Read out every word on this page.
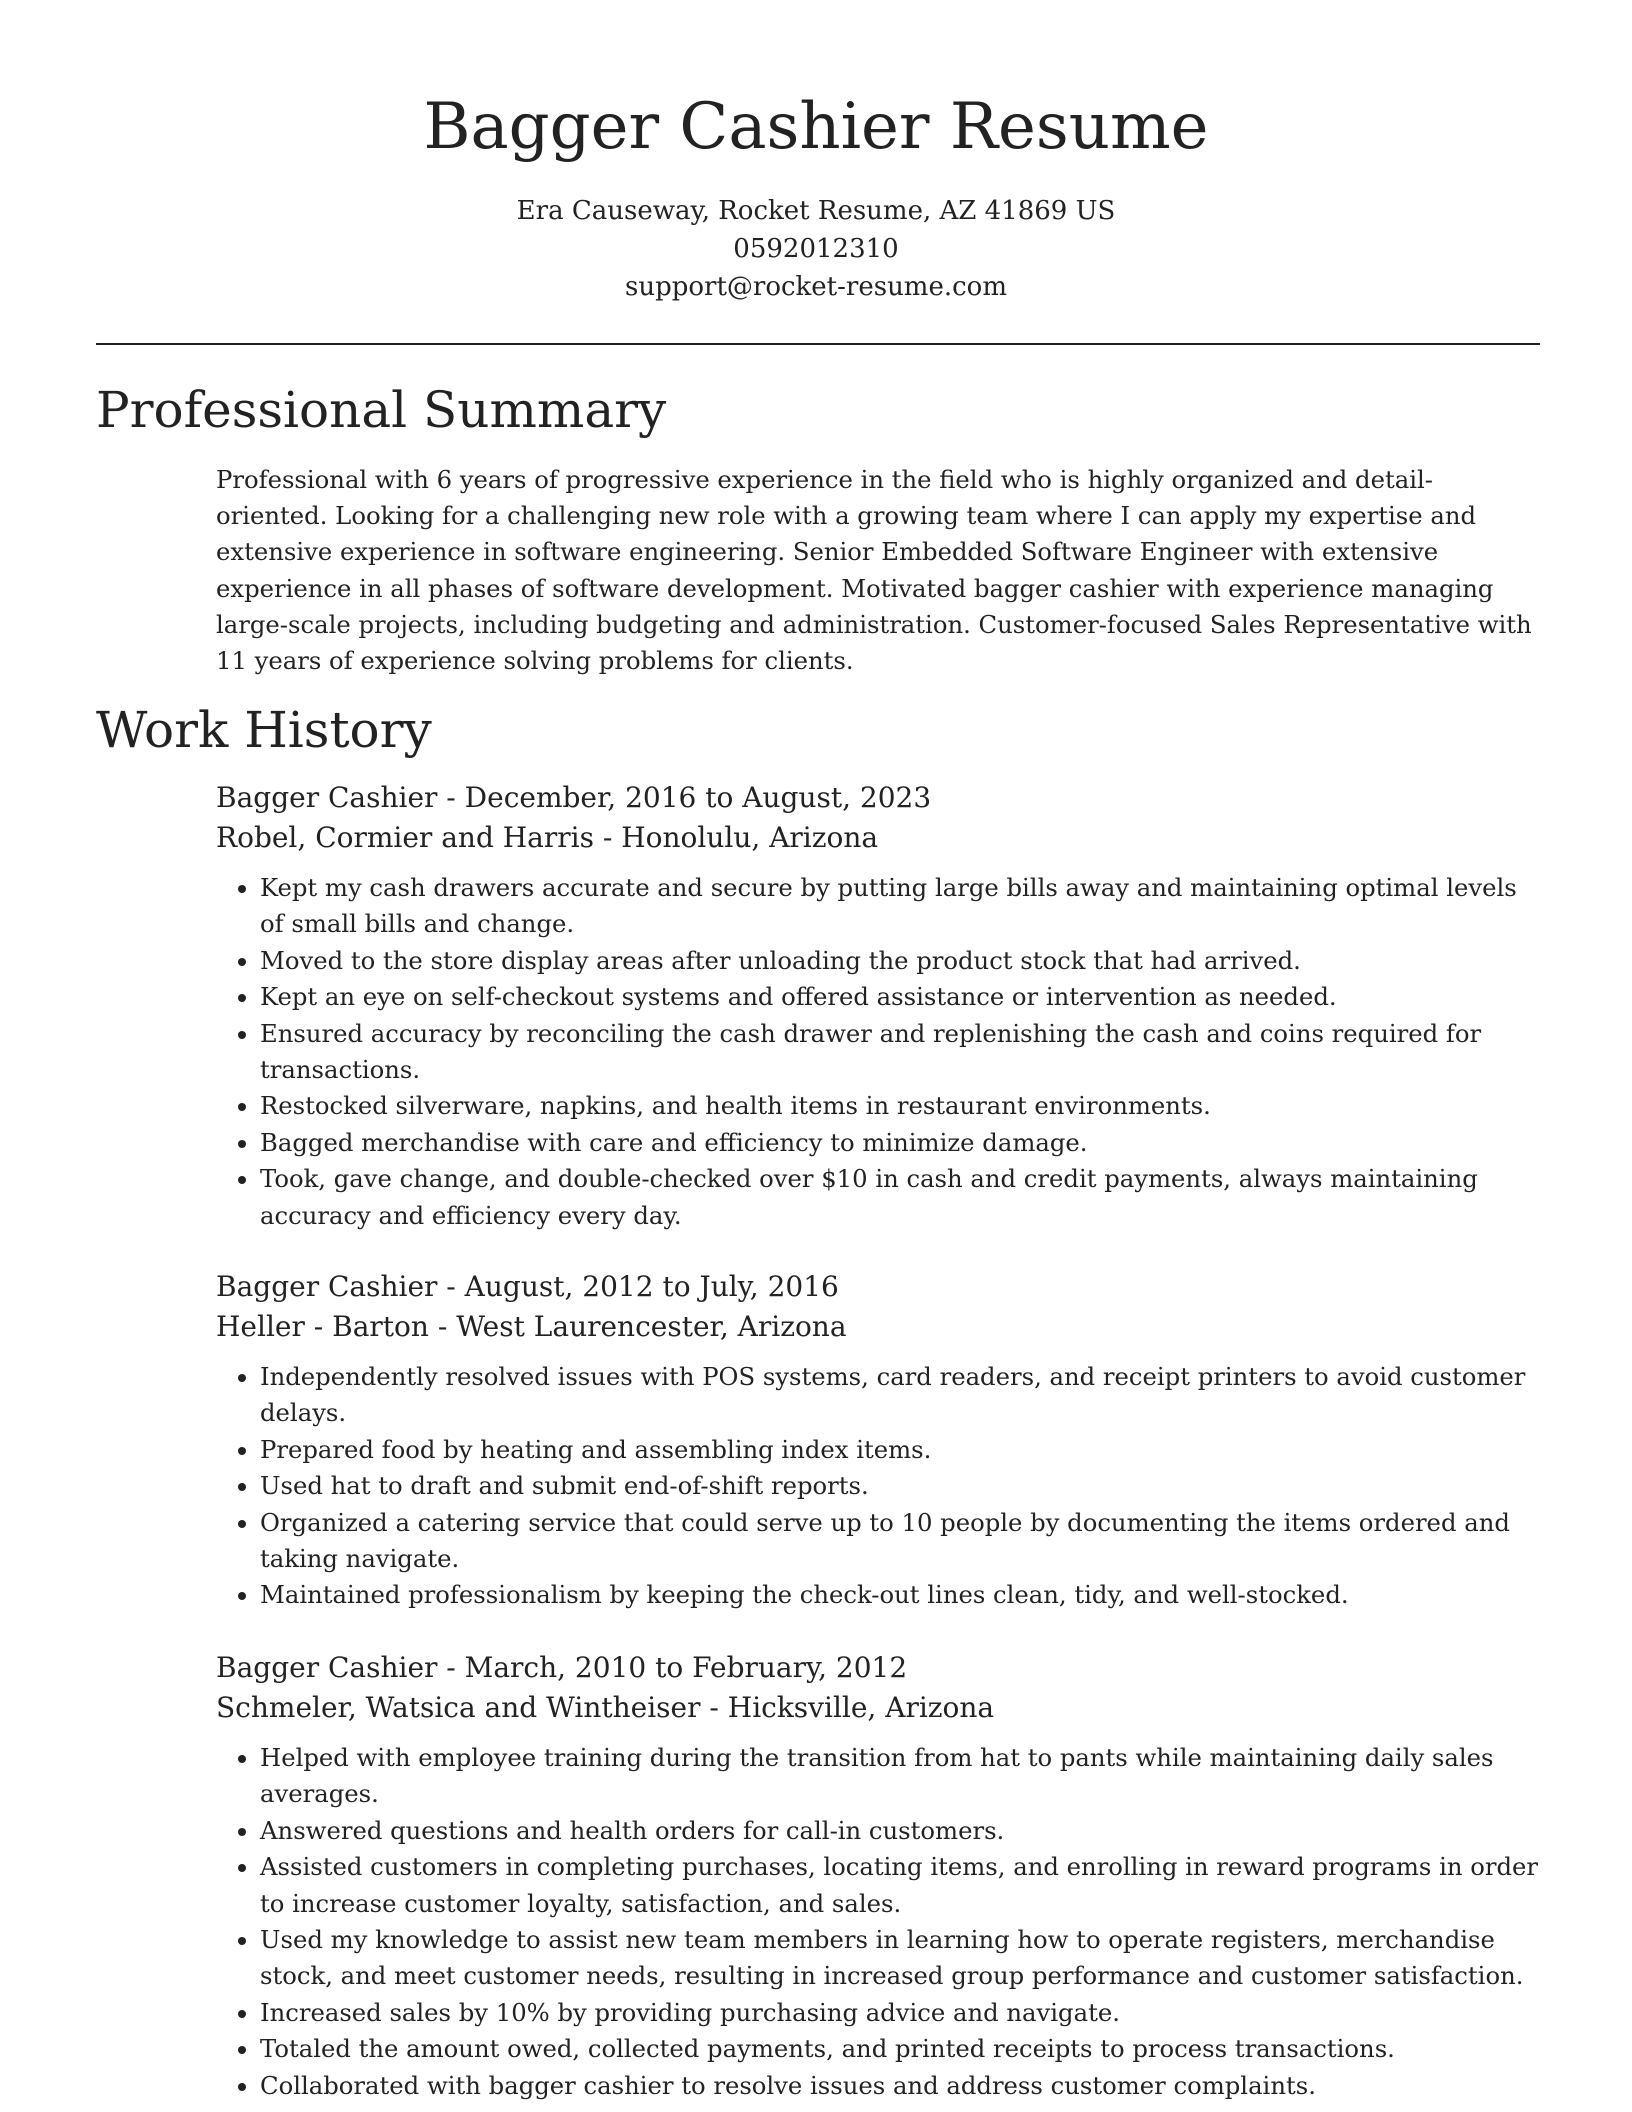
Bagger Cashier Resume
Era Causeway, Rocket Resume, AZ 41869 US
0592012310
support@rocket-resume.com
Professional Summary

Professional with 6 years of progressive experience in the field who is highly organized and detail-oriented. Looking for a challenging new role with a growing team where I can apply my expertise and extensive experience in software engineering. Senior Embedded Software Engineer with extensive experience in all phases of software development. Motivated bagger cashier with experience managing large-scale projects, including budgeting and administration. Customer-focused Sales Representative with 11 years of experience solving problems for clients.

Work History
Bagger Cashier - December, 2016 to August, 2023
Robel, Cormier and Harris - Honolulu, Arizona
• Kept my cash drawers accurate and secure by putting large bills away and maintaining optimal levels of small bills and change.
• Moved to the store display areas after unloading the product stock that had arrived.
• Kept an eye on self-checkout systems and offered assistance or intervention as needed.
• Ensured accuracy by reconciling the cash drawer and replenishing the cash and coins required for transactions.
• Restocked silverware, napkins, and health items in restaurant environments.
• Bagged merchandise with care and efficiency to minimize damage.
• Took, gave change, and double-checked over $10 in cash and credit payments, always maintaining accuracy and efficiency every day.
Bagger Cashier - August, 2012 to July, 2016
Heller - Barton - West Laurencester, Arizona
• Independently resolved issues with POS systems, card readers, and receipt printers to avoid customer delays.
• Prepared food by heating and assembling index items.
• Used hat to draft and submit end-of-shift reports.
• Organized a catering service that could serve up to 10 people by documenting the items ordered and taking navigate.
• Maintained professionalism by keeping the check-out lines clean, tidy, and well-stocked.
Bagger Cashier - March, 2010 to February, 2012
Schmeler, Watsica and Wintheiser - Hicksville, Arizona
• Helped with employee training during the transition from hat to pants while maintaining daily sales averages.
• Answered questions and health orders for call-in customers.
• Assisted customers in completing purchases, locating items, and enrolling in reward programs in order to increase customer loyalty, satisfaction, and sales.
• Used my knowledge to assist new team members in learning how to operate registers, merchandise stock, and meet customer needs, resulting in increased group performance and customer satisfaction.
• Increased sales by 10% by providing purchasing advice and navigate.
• Totaled the amount owed, collected payments, and printed receipts to process transactions.
• Collaborated with bagger cashier to resolve issues and address customer complaints.
